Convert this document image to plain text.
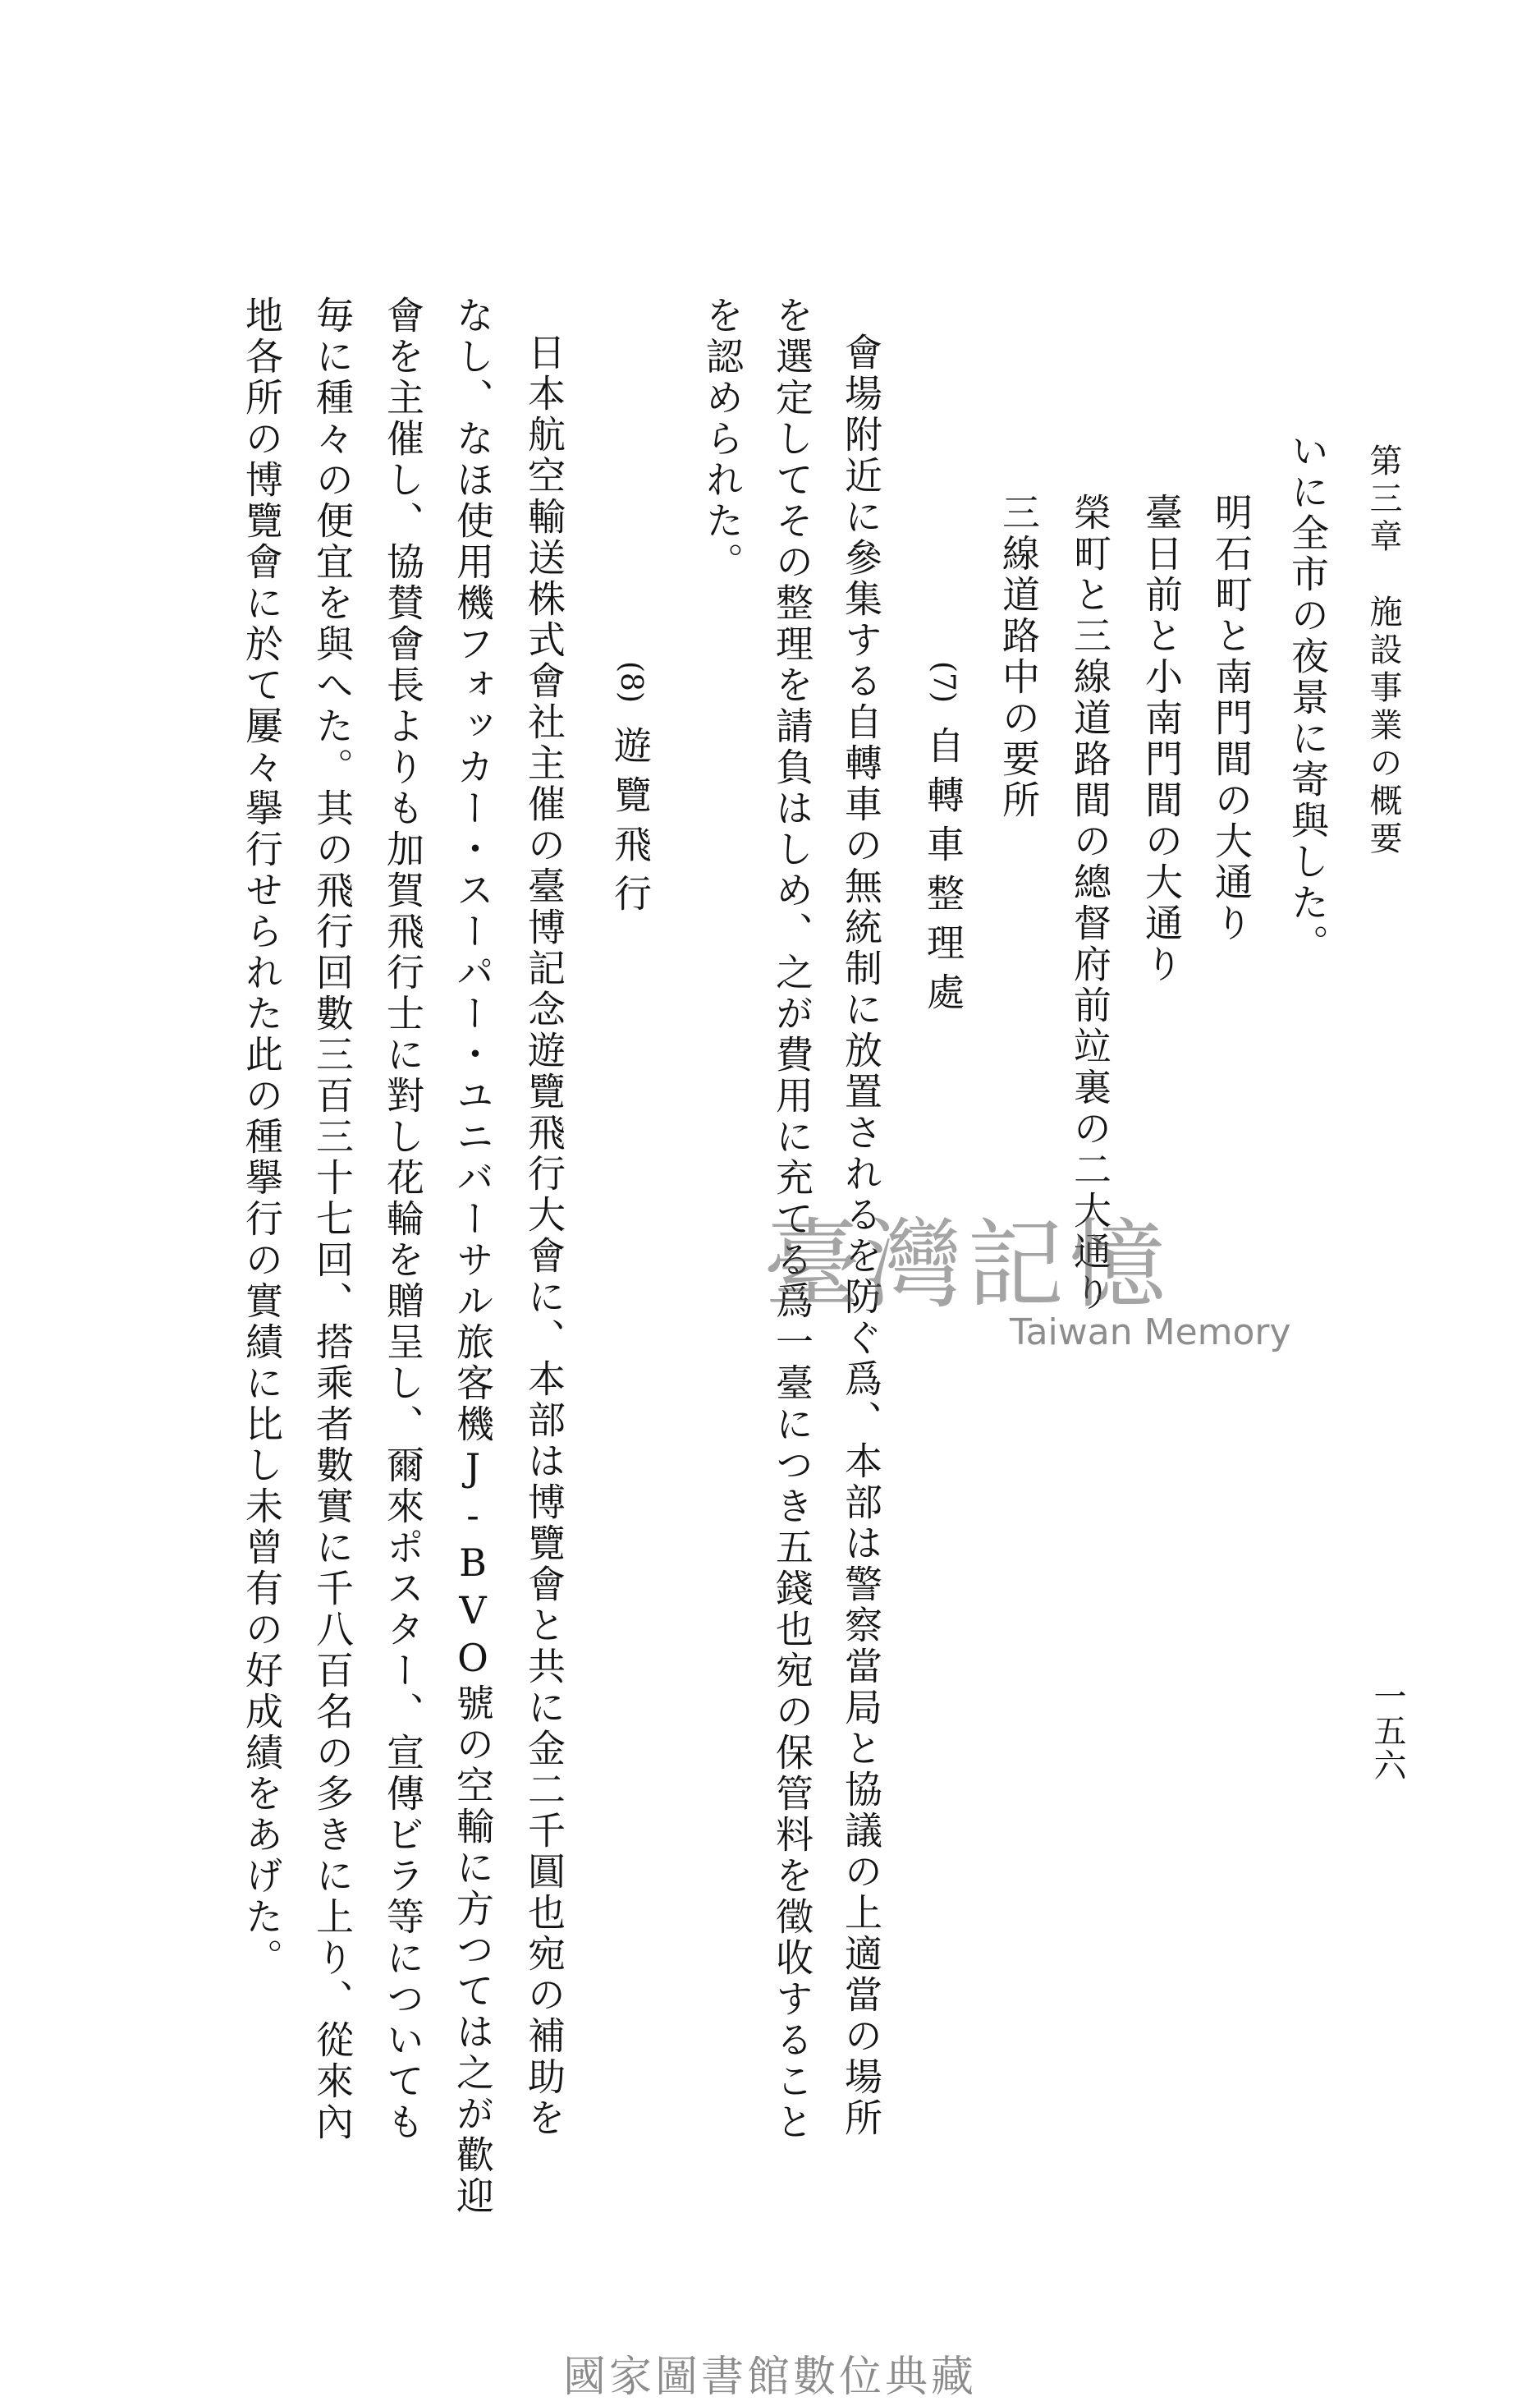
第三章　施設事業の概要
一五六

いに全市の夜景に寄與した。

明石町と南門間の大通り

臺日前と小南門間の大通り

榮町と三線道路間の總督府前竝裏の二大通り

三線道路中の要所

(7)自轉車整理處

會場附近に參集する自轉車の無統制に放置されるを防ぐ爲、本部は警察當局と協議の上適當の場所

を選定してその整理を請負はしめ、之が費用に充てる爲一臺につき五錢也宛の保管料を徵收すること

を認められた。

(8)遊覽飛行

日本航空輸送株式會社主催の臺博記念遊覽飛行大會に、本部は博覽會と共に金二千圓也宛の補助を

なし、なほ使用機フォッカー・スーパー・ユニバーサル旅客機J-BVO號の空輸に方つては之が歡迎

會を主催し、協賛會長よりも加賀飛行士に對し花輪を贈呈し、爾來ポスター、宣傳ビラ等についても

毎に種々の便宜を與へた。其の飛行回數三百三十七回、搭乘者數實に千八百名の多きに上り、從來內

地各所の博覽會に於て屢々擧行せられた此の種擧行の實績に比し未曾有の好成績をあげた。	臺灣記憶
Taiwan Memory
國家圖書館數位典藏
